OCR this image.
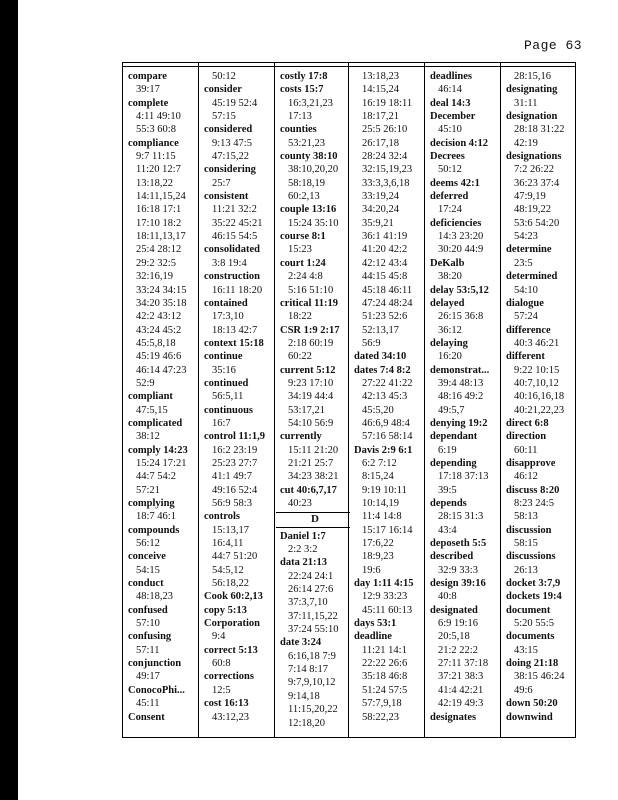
Page 63
compare
39:17
complete
4:11 49:10
55:3 60:8
compliance
9:7 11:15
11:20 12:7
13:18,22
14:11,15,24
16:18 17:1
17:10 18:2
18:11,13,17
25:4 28:12
29:2 32:5
32:16,19
33:24 34:15
34:20 35:18
42:2 43:12
43:24 45:2
45:5,8,18
45:19 46:6
46:14 47:23
52:9
compliant
47:5,15
complicated
38:12
comply 14:23
15:24 17:21
44:7 54:2
57:21
complying
18:7 46:1
compounds
56:12
conceive
54:15
conduct
48:18,23
confused
57:10
confusing
57:11
conjunction
49:17
ConocoPhi...
45:11
Consent
50:12
consider
45:19 52:4
57:15
considered
9:13 47:5
47:15,22
considering
25:7
consistent
11:21 32:2
35:22 45:21
46:15 54:5
consolidated
3:8 19:4
construction
16:11 18:20
contained
17:3,10
18:13 42:7
context 15:18
continue
35:16
continued
56:5,11
continuous
16:7
control 11:1,9
16:2 23:19
25:23 27:7
41:1 49:7
49:16 52:4
56:9 58:3
controls
15:13,17
16:4,11
44:7 51:20
54:5,12
56:18,22
Cook 60:2,13
copy 5:13
Corporation
9:4
correct 5:13
60:8
corrections
12:5
cost 16:13
43:12,23
costly 17:8
costs 15:7
16:3,21,23
17:13
counties
53:21,23
county 38:10
38:10,20,20
58:18,19
60:2,13
couple 13:16
15:24 35:10
course 8:1
15:23
court 1:24
2:24 4:8
5:16 51:10
critical 11:19
18:22
CSR 1:9 2:17
2:18 60:19
60:22
current 5:12
9:23 17:10
34:19 44:4
53:17,21
54:10 56:9
currently
15:11 21:20
21:21 25:7
34:23 38:21
cut 40:6,7,17
40:23
D
Daniel 1:7
2:2 3:2
data 21:13
22:24 24:1
26:14 27:6
37:3,7,10
37:11,15,22
37:24 55:10
date 3:24
6:16,18 7:9
7:14 8:17
9:7,9,10,12
9:14,18
11:15,20,22
12:18,20
13:18,23
14:15,24
16:19 18:11
18:17,21
25:5 26:10
26:17,18
28:24 32:4
32:15,19,23
33:3,3,6,18
33:19,24
34:20,24
35:9,21
36:1 41:19
41:20 42:2
42:12 43:4
44:15 45:8
45:18 46:11
47:24 48:24
51:23 52:6
52:13,17
56:9
dated 34:10
dates 7:4 8:2
27:22 41:22
42:13 45:3
45:5,20
46:6,9 48:4
57:16 58:14
Davis 2:9 6:1
6:2 7:12
8:15,24
9:19 10:11
10:14,19
11:4 14:8
15:17 16:14
17:6,22
18:9,23
19:6
day 1:11 4:15
12:9 33:23
45:11 60:13
days 53:1
deadline
11:21 14:1
22:22 26:6
35:18 46:8
51:24 57:5
57:7,9,18
58:22,23
deadlines
46:14
deal 14:3
December
45:10
decision 4:12
Decrees
50:12
deems 42:1
deferred
17:24
deficiencies
14:3 23:20
30:20 44:9
DeKalb
38:20
delay 53:5,12
delayed
26:15 36:8
36:12
delaying
16:20
demonstrat...
39:4 48:13
48:16 49:2
49:5,7
denying 19:2
dependant
6:19
depending
17:18 37:13
39:5
depends
28:15 31:3
43:4
deposeth 5:5
described
32:9 33:3
design 39:16
40:8
designated
6:9 19:16
20:5,18
21:2 22:2
27:11 37:18
37:21 38:3
41:4 42:21
42:19 49:3
designates
28:15,16
designating
31:11
designation
28:18 31:22
42:19
designations
7:2 26:22
36:23 37:4
47:9,19
48:19,22
53:6 54:20
54:23
determine
23:5
determined
54:10
dialogue
57:24
difference
40:3 46:21
different
9:22 10:15
40:7,10,12
40:16,16,18
40:21,22,23
direct 6:8
direction
60:11
disapprove
46:12
discuss 8:20
8:23 24:5
58:13
discussion
58:15
discussions
26:13
docket 3:7,9
dockets 19:4
document
5:20 55:5
documents
43:15
doing 21:18
38:15 46:24
49:6
down 50:20
downwind
